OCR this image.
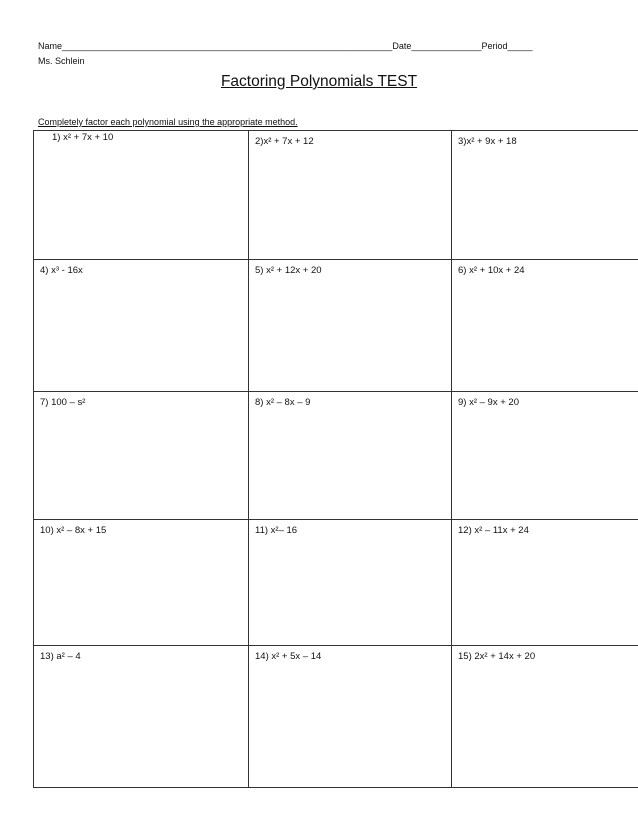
Name__________________________________________________________________Date______________Period_____
Ms. Schlein
Factoring Polynomials TEST
Completely factor each polynomial using the appropriate method.
1) x² + 7x + 10	2)x² + 7x + 12	3)x² + 9x + 18
4) x³ - 16x	5) x² + 12x + 20	6) x² + 10x + 24
7) 100 – s²	8) x² – 8x – 9	9) x² – 9x + 20
10) x² – 8x + 15	11) x²– 16	12) x² – 11x + 24
13) a² – 4	14) x² + 5x – 14	15) 2x² + 14x + 20
